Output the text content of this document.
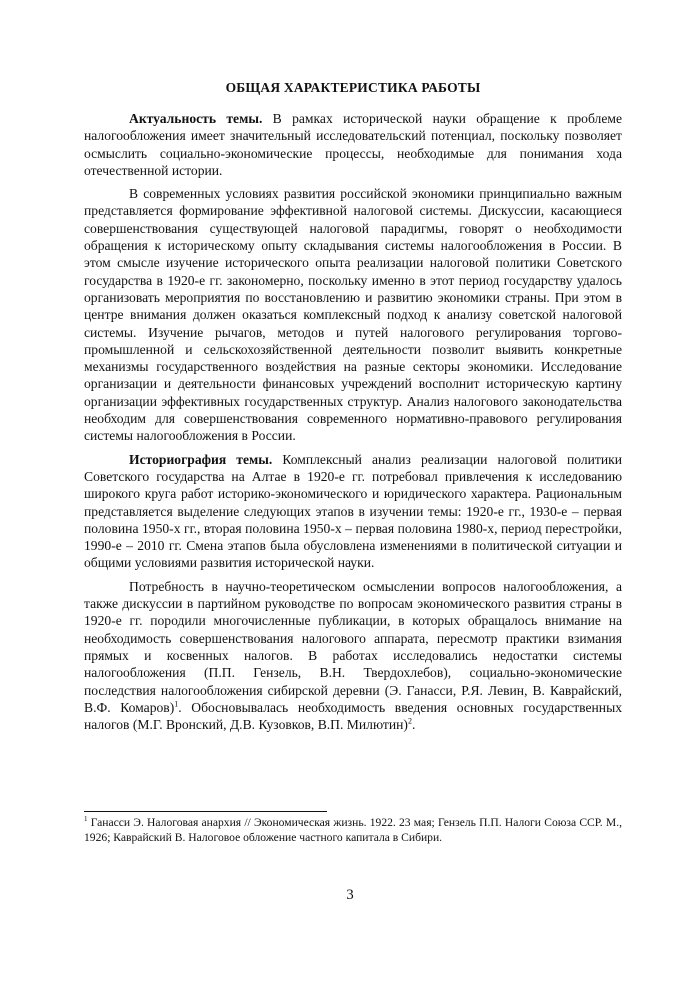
ОБЩАЯ ХАРАКТЕРИСТИКА РАБОТЫ

Актуальность темы. В рамках исторической науки обращение к проблеме налогообложения имеет значительный исследовательский потенциал, поскольку позволяет осмыслить социально-экономические процессы, необходимые для понимания хода отечественной истории.

В современных условиях развития российской экономики принципиально важным представляется формирование эффективной налоговой системы. Дискуссии, касающиеся совершенствования существующей налоговой парадигмы, говорят о необходимости обращения к историческому опыту складывания системы налогообложения в России. В этом смысле изучение исторического опыта реализации налоговой политики Советского государства в 1920-е гг. закономерно, поскольку именно в этот период государству удалось организовать мероприятия по восстановлению и развитию экономики страны. При этом в центре внимания должен оказаться комплексный подход к анализу советской налоговой системы. Изучение рычагов, методов и путей налогового регулирования торгово-промышленной и сельскохозяйственной деятельности позволит выявить конкретные механизмы государственного воздействия на разные секторы экономики. Исследование организации и деятельности финансовых учреждений восполнит историческую картину организации эффективных государственных структур. Анализ налогового законодательства необходим для совершенствования современного нормативно-правового регулирования системы налогообложения в России.

Историография темы. Комплексный анализ реализации налоговой политики Советского государства на Алтае в 1920-е гг. потребовал привлечения к исследованию широкого круга работ историко-экономического и юридического характера. Рациональным представляется выделение следующих этапов в изучении темы: 1920-е гг., 1930-е – первая половина 1950-х гг., вторая половина 1950-х – первая половина 1980-х, период перестройки, 1990-е – 2010 гг. Смена этапов была обусловлена изменениями в политической ситуации и общими условиями развития исторической науки.

Потребность в научно-теоретическом осмыслении вопросов налогообложения, а также дискуссии в партийном руководстве по вопросам экономического развития страны в 1920-е гг. породили многочисленные публикации, в которых обращалось внимание на необходимость совершенствования налогового аппарата, пересмотр практики взимания прямых и косвенных налогов. В работах исследовались недостатки системы налогообложения (П.П. Гензель, В.Н. Твердохлебов), социально-экономические последствия налогообложения сибирской деревни (Э. Ганасси, Р.Я. Левин, В. Каврайский, В.Ф. Комаров)$^1$. Обосновывалась необходимость введения основных государственных налогов (М.Г. Вронский, Д.В. Кузовков, В.П. Милютин)$^2$.

$^1$ Ганасси Э. Налоговая анархия // Экономическая жизнь. 1922. 23 мая; Гензель П.П. Налоги Союза ССР. М., 1926; Каврайский В. Налоговое обложение частного капитала в Сибири.
3
